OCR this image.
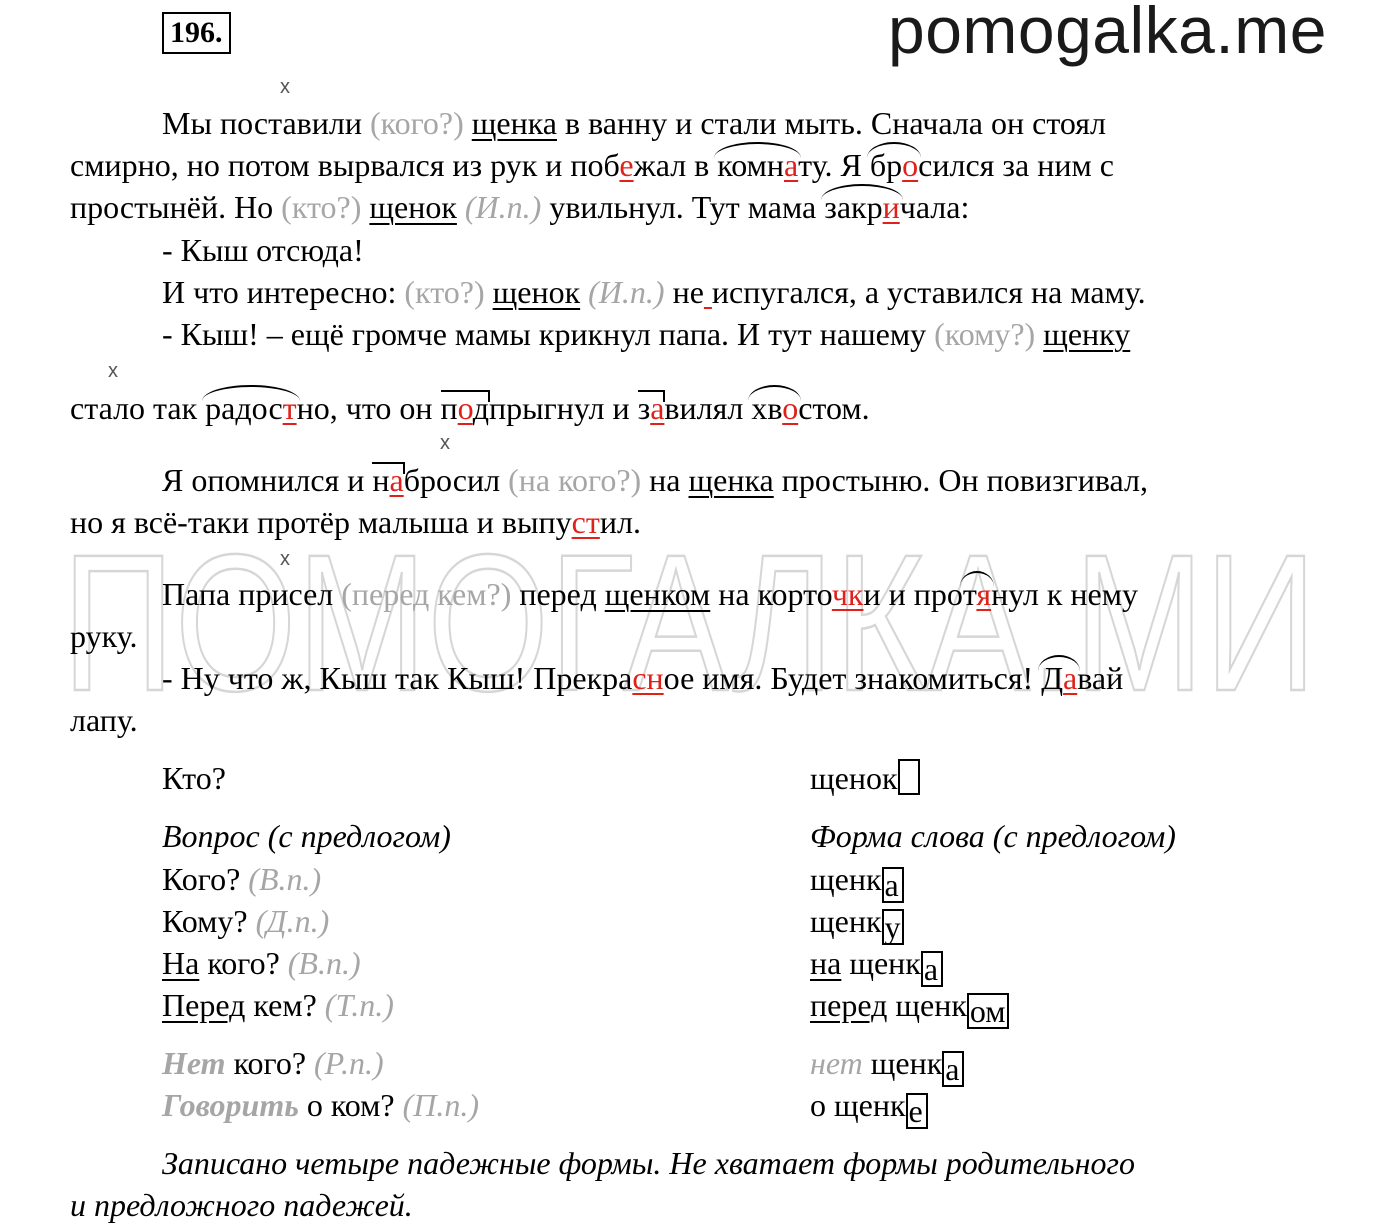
pomogalka.me
196.
ПОМОГАЛКА.МИ
х
х
х
х
Мы поставили (кого?) щенка в ванну и стали мыть. Сначала он стоял
смирно, но потом вырвался из рук и побежал в комнату. Я бросился за ним с
простынёй. Но (кто?) щенок (И.п.) увильнул. Тут мама закричала:
- Кыш отсюда!
И что интересно: (кто?) щенок (И.п.) не испугался, а уставился на маму.
- Кыш! – ещё громче мамы крикнул папа. И тут нашему (кому?) щенку
стало так радостно, что он подпрыгнул и завилял хвостом.
Я опомнился и набросил (на кого?) на щенка простыню. Он повизгивал,
но я всё-таки протёр малыша и выпустил.
Папа присел (перед кем?) перед щенком на корточки и протянул к нему
руку.
- Ну что ж, Кыш так Кыш! Прекрасное имя. Будет знакомиться! Давай
лапу.
Кто?	щенок
Вопрос (с предлогом)	Форма слова (с предлогом)
Кого? (В.п.)	щенка
Кому? (Д.п.)	щенку
На кого? (В.п.)	на щенка
Перед кем? (Т.п.)	перед щенком
Нет кого? (Р.п.)	нет щенка
Говорить о ком? (П.п.)	о щенке
Записано четыре падежные формы. Не хватает формы родительного
и предложного падежей.
